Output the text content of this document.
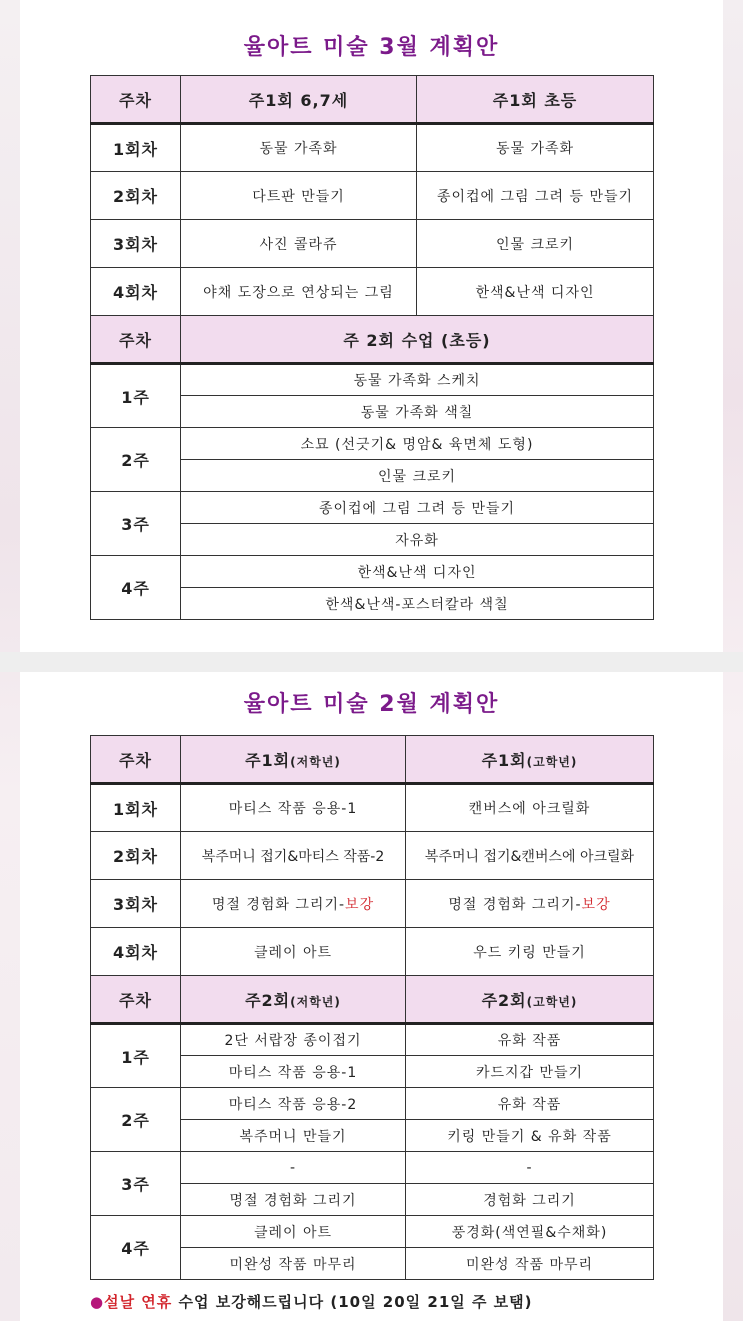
율아트 미술 3월 계획안
주차	주1회 6,7세	주1회 초등
1회차	동물 가족화	동물 가족화
2회차	다트판 만들기	종이컵에 그림 그려 등 만들기
3회차	사진 콜라쥬	인물 크로키
4회차	야채 도장으로 연상되는 그림	한색&난색 디자인
주차	주 2회 수업 (초등)	
1주	동물 가족화 스케치	
	동물 가족화 색칠	
2주	소묘 (선긋기& 명암& 육면체 도형)	
	인물 크로키	
3주	종이컵에 그림 그려 등 만들기	
	자유화	
4주	한색&난색 디자인	
	한색&난색-포스터칼라 색칠	
율아트 미술 2월 계획안
주차	주1회(저학년)	주1회(고학년)
1회차	마티스 작품 응용-1	캔버스에 아크릴화
2회차	복주머니 접기&마티스 작품-2	복주머니 접기&캔버스에 아크릴화
3회차	명절 경험화 그리기-보강	명절 경험화 그리기-보강
4회차	클레이 아트	우드 키링 만들기
주차	주2회(저학년)	주2회(고학년)
1주	2단 서랍장 종이접기	유화 작품
	마티스 작품 응용-1	카드지갑 만들기
2주	마티스 작품 응용-2	유화 작품
	복주머니 만들기	키링 만들기 & 유화 작품
3주	-	-
	명절 경험화 그리기	경험화 그리기
4주	클레이 아트	풍경화(색연필&수채화)
	미완성 작품 마무리	미완성 작품 마무리
●설날 연휴 수업 보강해드립니다 (10일 20일 21일 주 보탬)
